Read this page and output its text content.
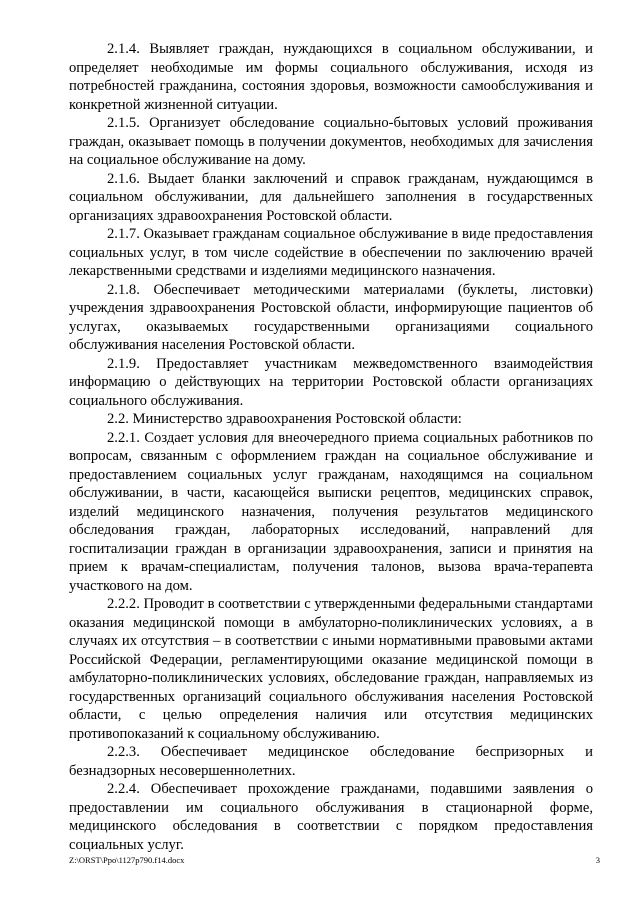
2.1.4. Выявляет граждан, нуждающихся в социальном обслуживании, и определяет необходимые им формы социального обслуживания, исходя из потребностей гражданина, состояния здоровья, возможности самообслуживания и конкретной жизненной ситуации.

2.1.5. Организует обследование социально-бытовых условий проживания граждан, оказывает помощь в получении документов, необходимых для зачисления на социальное обслуживание на дому.

2.1.6. Выдает бланки заключений и справок гражданам, нуждающимся в социальном обслуживании, для дальнейшего заполнения в государственных организациях здравоохранения Ростовской области.

2.1.7. Оказывает гражданам социальное обслуживание в виде предоставления социальных услуг, в том числе содействие в обеспечении по заключению врачей лекарственными средствами и изделиями медицинского назначения.

2.1.8. Обеспечивает методическими материалами (буклеты, листовки) учреждения здравоохранения Ростовской области, информирующие пациентов об услугах, оказываемых государственными организациями социального обслуживания населения Ростовской области.

2.1.9. Предоставляет участникам межведомственного взаимодействия информацию о действующих на территории Ростовской области организациях социального обслуживания.

2.2. Министерство здравоохранения Ростовской области:

2.2.1. Создает условия для внеочередного приема социальных работников по вопросам, связанным с оформлением граждан на социальное обслуживание и предоставлением социальных услуг гражданам, находящимся на социальном обслуживании, в части, касающейся выписки рецептов, медицинских справок, изделий медицинского назначения, получения результатов медицинского обследования граждан, лабораторных исследований, направлений для госпитализации граждан в организации здравоохранения, записи и принятия на прием к врачам-специалистам, получения талонов, вызова врача-терапевта участкового на дом.

2.2.2. Проводит в соответствии с утвержденными федеральными стандартами оказания медицинской помощи в амбулаторно-поликлинических условиях, а в случаях их отсутствия – в соответствии с иными нормативными правовыми актами Российской Федерации, регламентирующими оказание медицинской помощи в амбулаторно-поликлинических условиях, обследование граждан, направляемых из государственных организаций социального обслуживания населения Ростовской области, с целью определения наличия или отсутствия медицинских противопоказаний к социальному обслуживанию.

2.2.3. Обеспечивает медицинское обследование беспризорных и безнадзорных несовершеннолетних.

2.2.4. Обеспечивает прохождение гражданами, подавшими заявления о предоставлении им социального обслуживания в стационарной форме, медицинского обследования в соответствии с порядком предоставления социальных услуг.

Z:\ORST\Ppo\1127p790.f14.docx	3
